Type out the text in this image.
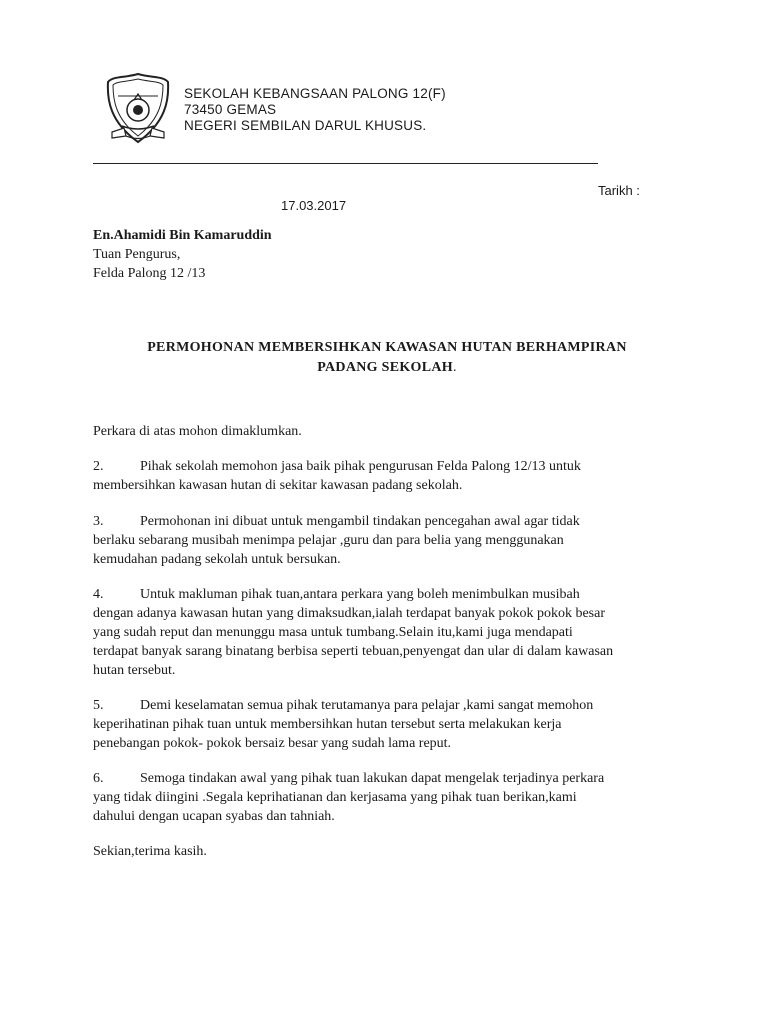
SEKOLAH KEBANGSAAN PALONG 12(F)
73450 GEMAS
NEGERI SEMBILAN DARUL KHUSUS.
Tarikh :
17.03.2017
En.Ahamidi Bin Kamaruddin
Tuan Pengurus,
Felda Palong 12 /13
PERMOHONAN MEMBERSIHKAN KAWASAN HUTAN BERHAMPIRAN
PADANG SEKOLAH.

Perkara di atas mohon dimaklumkan.

2.	Pihak sekolah memohon jasa baik pihak pengurusan Felda Palong 12/13 untuk
membersihkan kawasan hutan di sekitar kawasan padang sekolah.

3.	Permohonan ini dibuat untuk mengambil tindakan pencegahan awal agar tidak
berlaku sebarang musibah menimpa pelajar ,guru dan para belia yang menggunakan
kemudahan padang sekolah untuk bersukan.

4.	Untuk makluman pihak tuan,antara perkara yang boleh menimbulkan musibah
dengan adanya kawasan hutan yang dimaksudkan,ialah terdapat banyak pokok pokok besar
yang sudah reput dan menunggu masa untuk tumbang.Selain itu,kami juga mendapati
terdapat banyak sarang binatang berbisa seperti tebuan,penyengat dan ular di dalam kawasan
hutan tersebut.

5.	Demi keselamatan semua pihak terutamanya para pelajar ,kami sangat memohon
keperihatinan pihak tuan untuk membersihkan hutan tersebut serta melakukan kerja
penebangan pokok- pokok bersaiz besar yang sudah lama reput.

6.	Semoga tindakan awal yang pihak tuan lakukan dapat mengelak terjadinya perkara
yang tidak diingini .Segala keprihatianan dan kerjasama yang pihak tuan berikan,kami
dahului dengan ucapan syabas dan tahniah.

Sekian,terima kasih.
